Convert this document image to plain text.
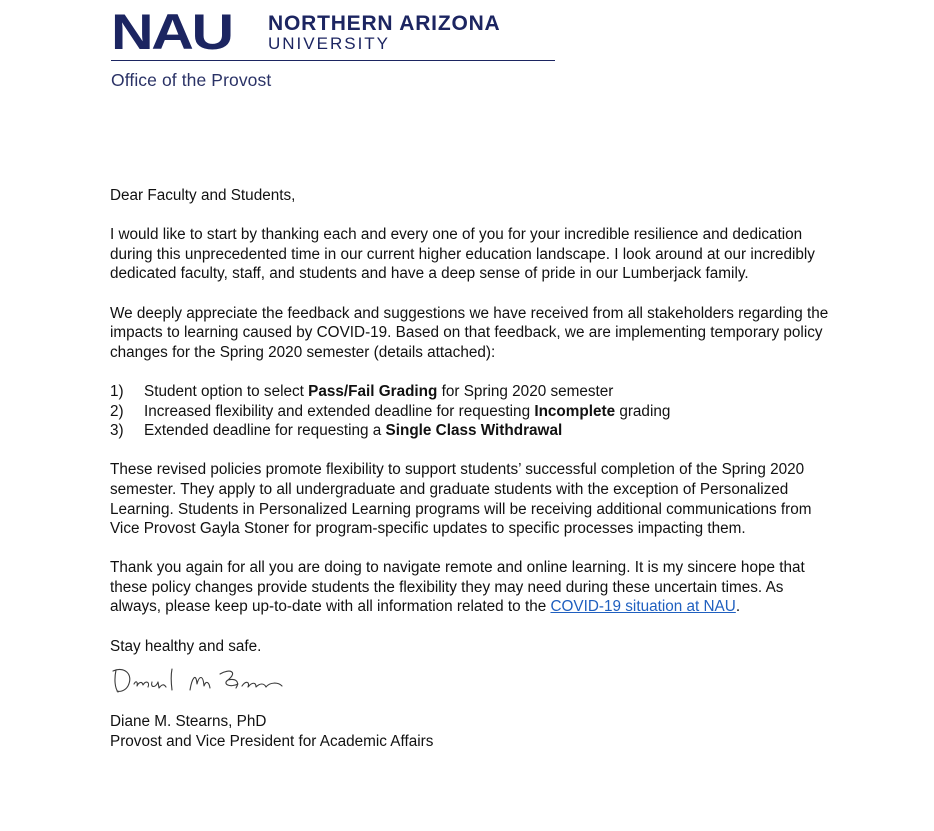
NAU	NORTHERN ARIZONA
UNIVERSITY
Office of the Provost

Dear Faculty and Students,

I would like to start by thanking each and every one of you for your incredible resilience and dedication during this unprecedented time in our current higher education landscape. I look around at our incredibly dedicated faculty, staff, and students and have a deep sense of pride in our Lumberjack family.

We deeply appreciate the feedback and suggestions we have received from all stakeholders regarding the impacts to learning caused by COVID-19. Based on that feedback, we are implementing temporary policy changes for the Spring 2020 semester (details attached):

1)	Student option to select Pass/Fail Grading for Spring 2020 semester
2)	Increased flexibility and extended deadline for requesting Incomplete grading
3)	Extended deadline for requesting a Single Class Withdrawal

These revised policies promote flexibility to support students’ successful completion of the Spring 2020 semester. They apply to all undergraduate and graduate students with the exception of Personalized Learning. Students in Personalized Learning programs will be receiving additional communications from Vice Provost Gayla Stoner for program-specific updates to specific processes impacting them.

Thank you again for all you are doing to navigate remote and online learning. It is my sincere hope that these policy changes provide students the flexibility they may need during these uncertain times. As always, please keep up-to-date with all information related to the COVID-19 situation at NAU.

Stay healthy and safe.

Diane M. Stearns, PhD

Provost and Vice President for Academic Affairs
